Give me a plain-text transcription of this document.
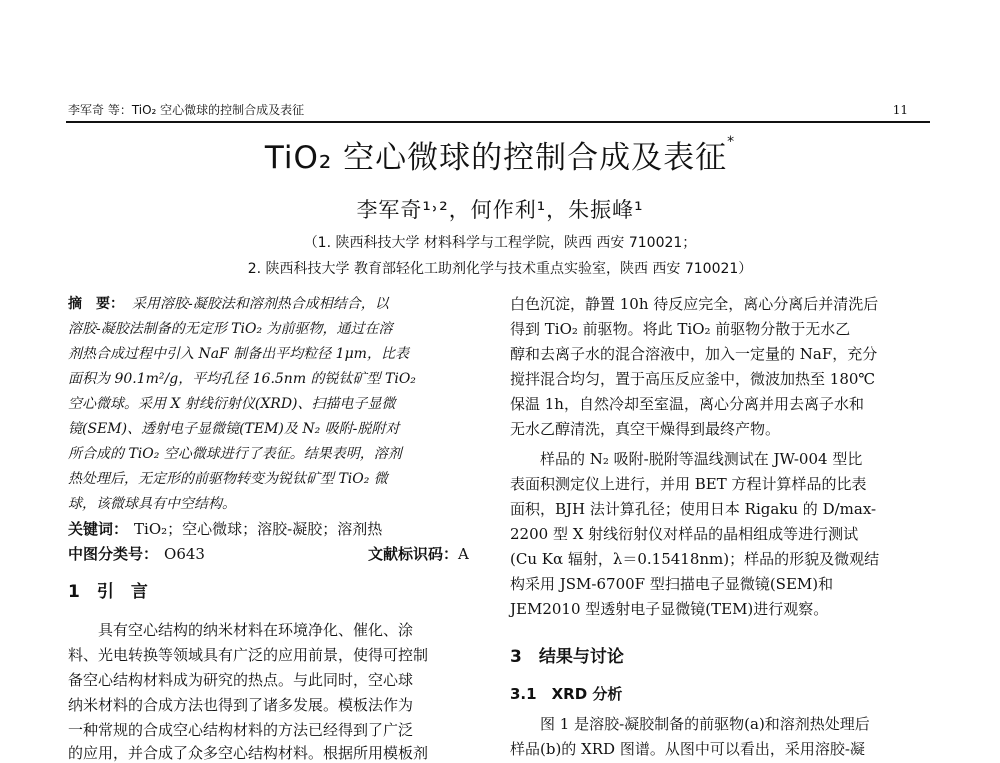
李军奇 等：TiO₂ 空心微球的控制合成及表征	11
TiO₂ 空心微球的控制合成及表征*
李军奇¹˒²，何作利¹，朱振峰¹
（1. 陕西科技大学 材料科学与工程学院，陕西 西安 710021；
2. 陕西科技大学 教育部轻化工助剂化学与技术重点实验室，陕西 西安 710021）
摘　要： 采用溶胶-凝胶法和溶剂热合成相结合，以
溶胶-凝胶法制备的无定形 TiO₂ 为前驱物，通过在溶
剂热合成过程中引入 NaF 制备出平均粒径 1μm，比表
面积为 90.1m²/g，平均孔径 16.5nm 的锐钛矿型 TiO₂
空心微球。采用 X 射线衍射仪(XRD)、扫描电子显微
镜(SEM)、透射电子显微镜(TEM)及 N₂ 吸附-脱附对
所合成的 TiO₂ 空心微球进行了表征。结果表明，溶剂
热处理后，无定形的前驱物转变为锐钛矿型 TiO₂ 微
球，该微球具有中空结构。
关键词： TiO₂；空心微球；溶胶-凝胶；溶剂热
中图分类号： O643	文献标识码：A
1　引　言
具有空心结构的纳米材料在环境净化、催化、涂
料、光电转换等领域具有广泛的应用前景，使得可控制
备空心结构材料成为研究的热点。与此同时，空心球
纳米材料的合成方法也得到了诸多发展。模板法作为
一种常规的合成空心结构材料的方法已经得到了广泛
的应用，并合成了众多空心结构材料。根据所用模板剂
白色沉淀，静置 10h 待反应完全，离心分离后并清洗后
得到 TiO₂ 前驱物。将此 TiO₂ 前驱物分散于无水乙
醇和去离子水的混合溶液中，加入一定量的 NaF，充分
搅拌混合均匀，置于高压反应釜中，微波加热至 180℃
保温 1h，自然冷却至室温，离心分离并用去离子水和
无水乙醇清洗，真空干燥得到最终产物。
样品的 N₂ 吸附-脱附等温线测试在 JW-004 型比
表面积测定仪上进行，并用 BET 方程计算样品的比表
面积，BJH 法计算孔径；使用日本 Rigaku 的 D/max-
2200 型 X 射线衍射仪对样品的晶相组成等进行测试
(Cu Kα 辐射，λ＝0.15418nm)；样品的形貌及微观结
构采用 JSM-6700F 型扫描电子显微镜(SEM)和
JEM2010 型透射电子显微镜(TEM)进行观察。
3　结果与讨论
3.1　XRD 分析
图 1 是溶胶-凝胶制备的前驱物(a)和溶剂热处理后
样品(b)的 XRD 图谱。从图中可以看出，采用溶胶-凝
